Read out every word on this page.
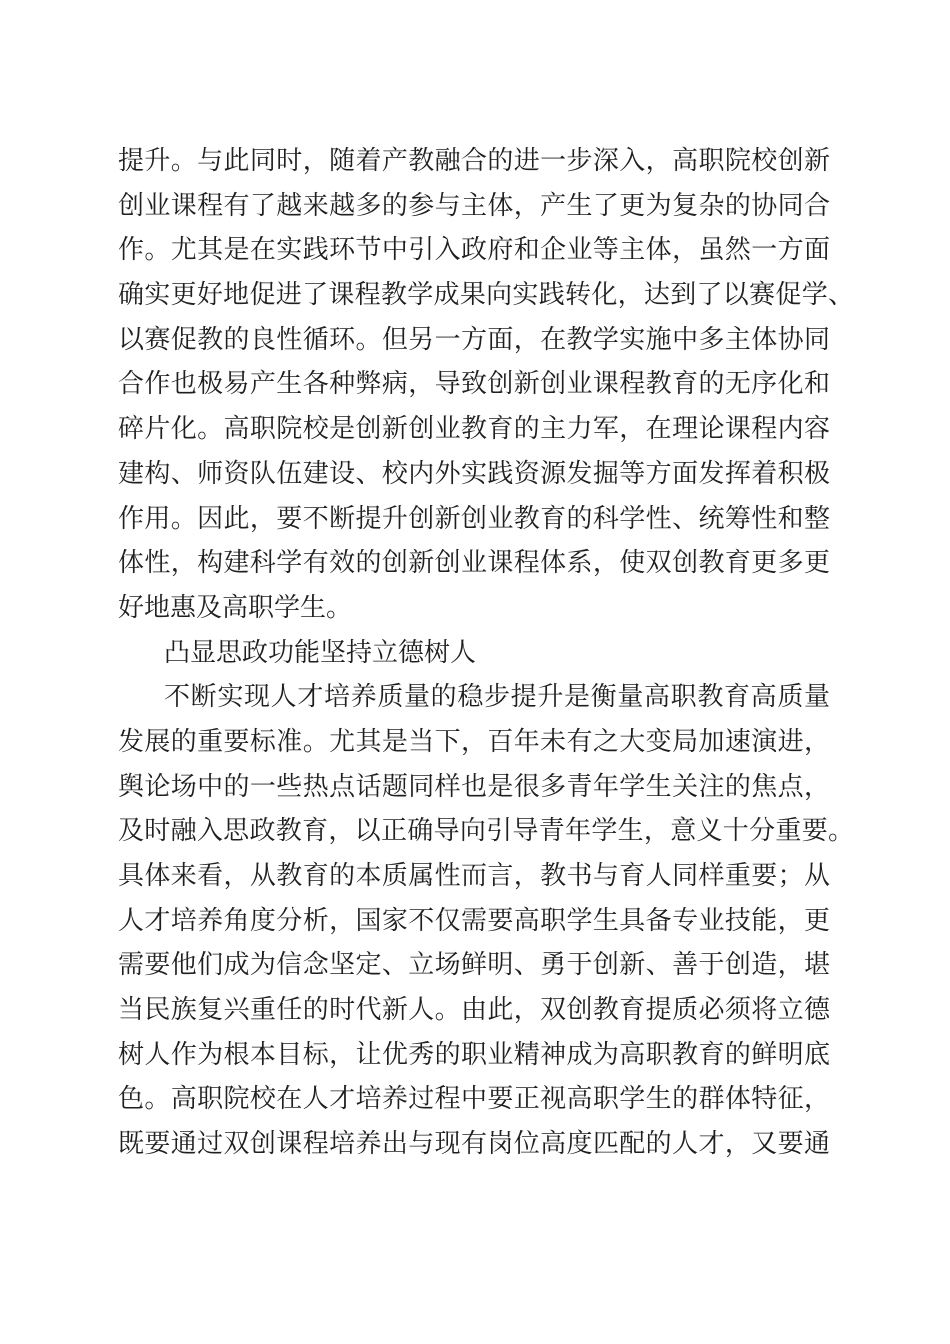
提升。与此同时，随着产教融合的进一步深入，高职院校创新
创业课程有了越来越多的参与主体，产生了更为复杂的协同合
作。尤其是在实践环节中引入政府和企业等主体，虽然一方面
确实更好地促进了课程教学成果向实践转化，达到了以赛促学、
以赛促教的良性循环。但另一方面，在教学实施中多主体协同
合作也极易产生各种弊病，导致创新创业课程教育的无序化和
碎片化。高职院校是创新创业教育的主力军，在理论课程内容
建构、师资队伍建设、校内外实践资源发掘等方面发挥着积极
作用。因此，要不断提升创新创业教育的科学性、统筹性和整
体性，构建科学有效的创新创业课程体系，使双创教育更多更
好地惠及高职学生。
凸显思政功能坚持立德树人
不断实现人才培养质量的稳步提升是衡量高职教育高质量
发展的重要标准。尤其是当下，百年未有之大变局加速演进，
舆论场中的一些热点话题同样也是很多青年学生关注的焦点，
及时融入思政教育，以正确导向引导青年学生，意义十分重要。
具体来看，从教育的本质属性而言，教书与育人同样重要；从
人才培养角度分析，国家不仅需要高职学生具备专业技能，更
需要他们成为信念坚定、立场鲜明、勇于创新、善于创造，堪
当民族复兴重任的时代新人。由此，双创教育提质必须将立德
树人作为根本目标，让优秀的职业精神成为高职教育的鲜明底
色。高职院校在人才培养过程中要正视高职学生的群体特征，
既要通过双创课程培养出与现有岗位高度匹配的人才，又要通
